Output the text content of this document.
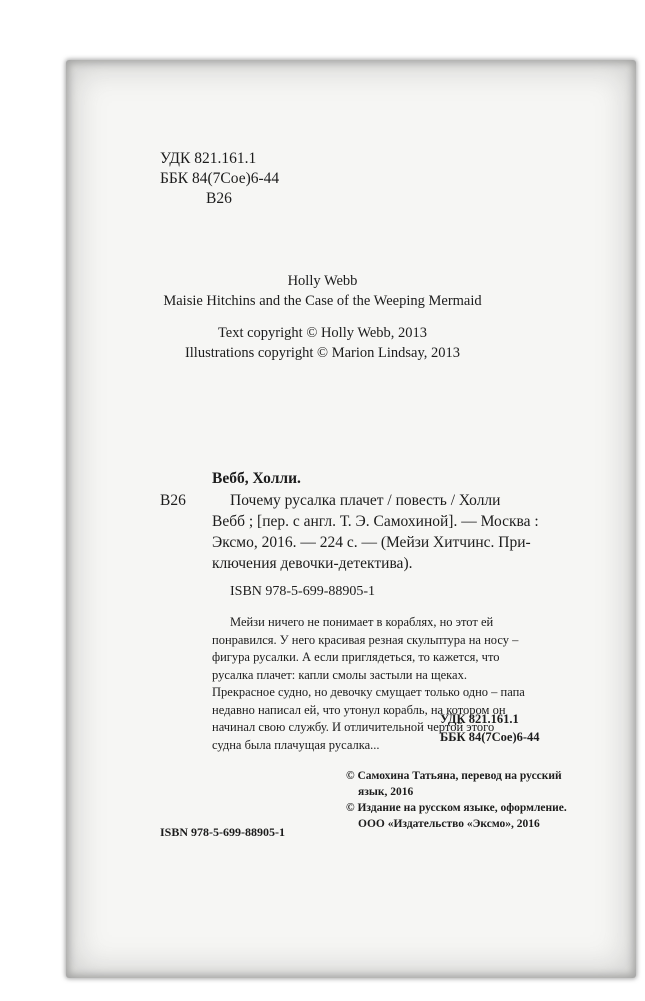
УДК 821.161.1
ББК 84(7Сое)6-44
В26
Holly Webb
Maisie Hitchins and the Case of the Weeping Mermaid
Text copyright © Holly Webb, 2013
Illustrations copyright © Marion Lindsay, 2013
Вебб, Холли.
В26	Почему русалка плачет / повесть / Холли
Вебб ; [пер. с англ. Т. Э. Самохиной]. — Москва :
Эксмо, 2016. — 224 с. — (Мейзи Хитчинс. При-
ключения девочки-детектива).
ISBN 978-5-699-88905-1
Мейзи ничего не понимает в кораблях, но этот ей
понравился. У него красивая резная скульптура на носу –
фигура русалки. А если приглядеться, то кажется, что
русалка плачет: капли смолы застыли на щеках.
Прекрасное судно, но девочку смущает только одно – папа
недавно написал ей, что утонул корабль, на котором он
начинал свою службу. И отличительной чертой этого
судна была плачущая русалка...
УДК 821.161.1
ББК 84(7Сое)6-44
© Самохина Татьяна, перевод на русский
язык, 2016
© Издание на русском языке, оформление.
ООО «Издательство «Эксмо», 2016
ISBN 978-5-699-88905-1
